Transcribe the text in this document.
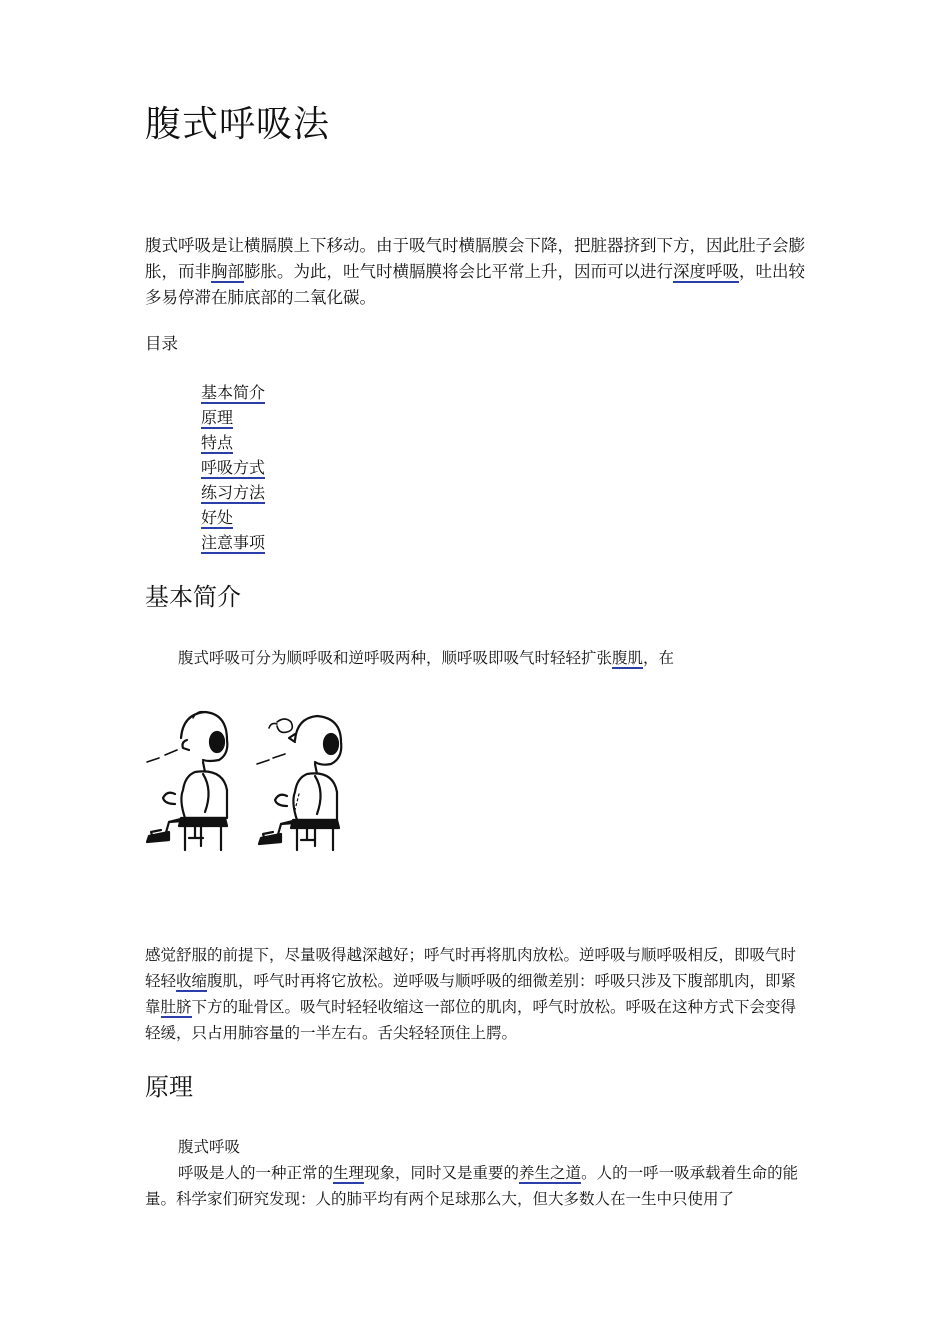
腹式呼吸法

腹式呼吸是让横膈膜上下移动。由于吸气时横膈膜会下降，把脏器挤到下方，因此肚子会膨胀，而非胸部膨胀。为此，吐气时横膈膜将会比平常上升，因而可以进行深度呼吸，吐出较多易停滞在肺底部的二氧化碳。

目录
基本简介
原理
特点
呼吸方式
练习方法
好处
注意事项
基本简介

腹式呼吸可分为顺呼吸和逆呼吸两种，顺呼吸即吸气时轻轻扩张腹肌，在

感觉舒服的前提下，尽量吸得越深越好；呼气时再将肌肉放松。逆呼吸与顺呼吸相反，即吸气时轻轻收缩腹肌，呼气时再将它放松。逆呼吸与顺呼吸的细微差别：呼吸只涉及下腹部肌肉，即紧靠肚脐下方的耻骨区。吸气时轻轻收缩这一部位的肌肉，呼气时放松。呼吸在这种方式下会变得轻缓，只占用肺容量的一半左右。舌尖轻轻顶住上腭。

原理

腹式呼吸

呼吸是人的一种正常的生理现象，同时又是重要的养生之道。人的一呼一吸承载着生命的能量。科学家们研究发现：人的肺平均有两个足球那么大，但大多数人在一生中只使用了
